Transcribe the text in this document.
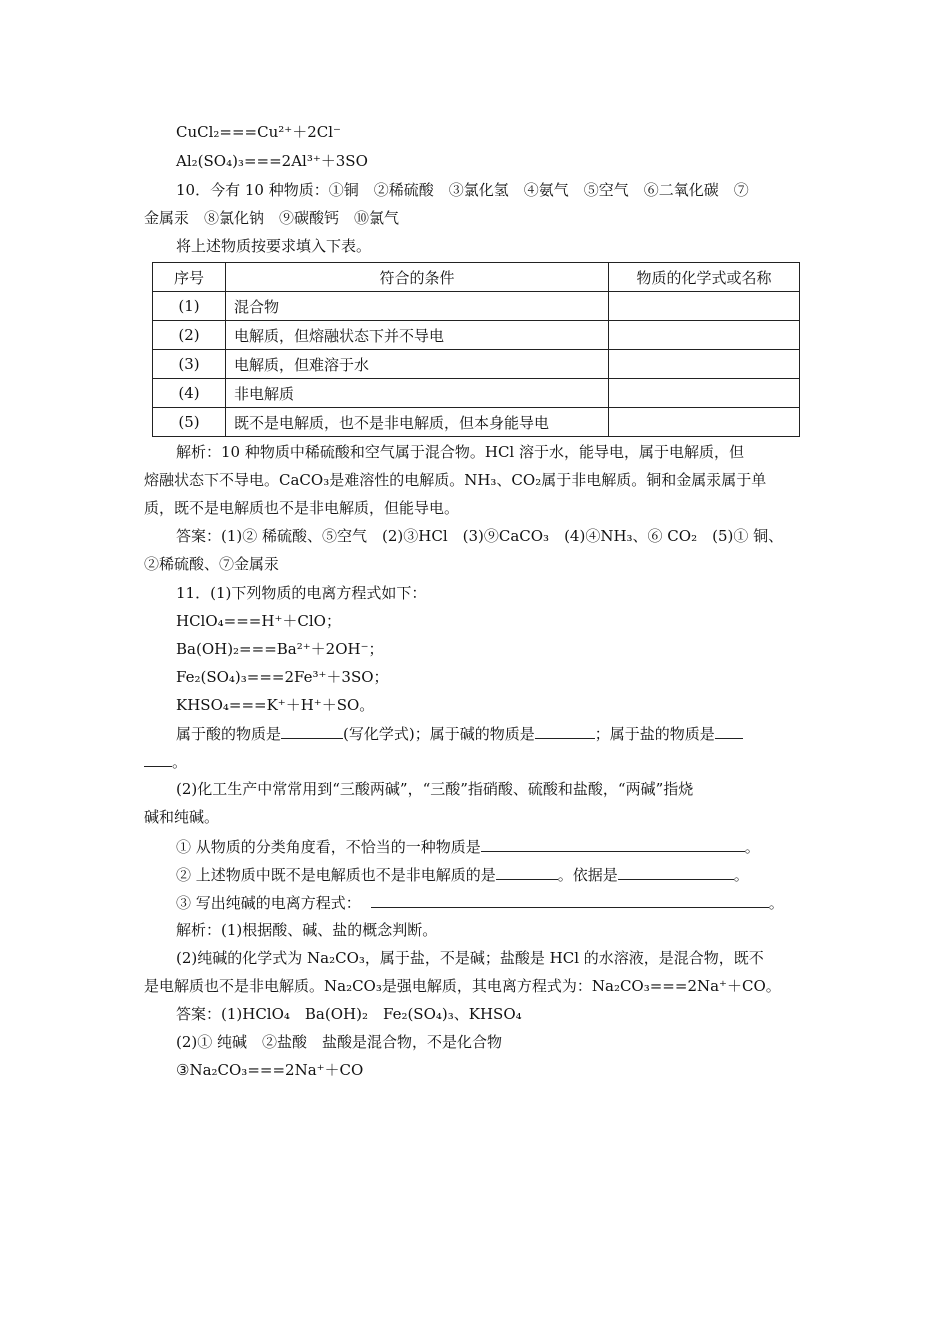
CuCl₂===Cu²⁺＋2Cl⁻
Al₂(SO₄)₃===2Al³⁺＋3SO
10．今有 10 种物质：①铜　②稀硫酸　③氯化氢　④氨气　⑤空气　⑥二氧化碳　⑦
金属汞　⑧氯化钠　⑨碳酸钙　⑩氯气
将上述物质按要求填入下表。
序号	符合的条件	物质的化学式或名称
(1)	混合物	
(2)	电解质，但熔融状态下并不导电	
(3)	电解质，但难溶于水	
(4)	非电解质	
(5)	既不是电解质，也不是非电解质，但本身能导电	
解析：10 种物质中稀硫酸和空气属于混合物。HCl 溶于水，能导电，属于电解质，但
熔融状态下不导电。CaCO₃是难溶性的电解质。NH₃、CO₂属于非电解质。铜和金属汞属于单
质，既不是电解质也不是非电解质，但能导电。
答案：(1)② 稀硫酸、⑤空气　(2)③HCl　(3)⑨CaCO₃　(4)④NH₃、⑥ CO₂　(5)① 铜、
②稀硫酸、⑦金属汞
11．(1)下列物质的电离方程式如下：
HClO₄===H⁺＋ClO；
Ba(OH)₂===Ba²⁺＋2OH⁻；
Fe₂(SO₄)₃===2Fe³⁺＋3SO；
KHSO₄===K⁺＋H⁺＋SO。
属于酸的物质是	(写化学式)；属于碱的物质是	；属于盐的物质是
。
(2)化工生产中常常用到“三酸两碱”，“三酸”指硝酸、硫酸和盐酸，“两碱”指烧
碱和纯碱。
① 从物质的分类角度看，不恰当的一种物质是	。
② 上述物质中既不是电解质也不是非电解质的是	。依据是	。
③ 写出纯碱的电离方程式：	。
解析：(1)根据酸、碱、盐的概念判断。
(2)纯碱的化学式为 Na₂CO₃，属于盐，不是碱；盐酸是 HCl 的水溶液，是混合物，既不
是电解质也不是非电解质。Na₂CO₃是强电解质，其电离方程式为：Na₂CO₃===2Na⁺＋CO。
答案：(1)HClO₄　Ba(OH)₂　Fe₂(SO₄)₃、KHSO₄
(2)① 纯碱　②盐酸　盐酸是混合物，不是化合物
③Na₂CO₃===2Na⁺＋CO
